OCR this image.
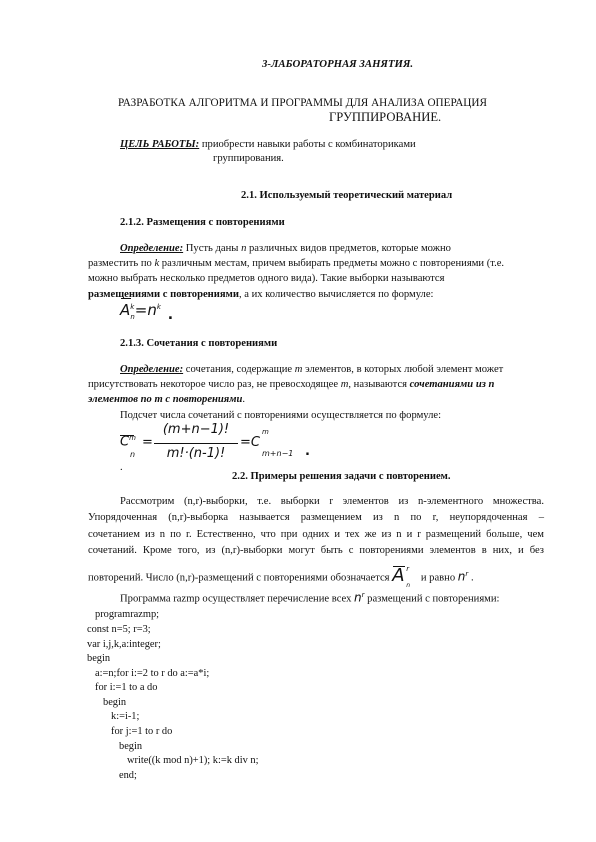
3-ЛАБОРАТОРНАЯ ЗАНЯТИЯ.
РАЗРАБОТКА АЛГОРИТМА И ПРОГРАММЫ ДЛЯ АНАЛИЗА ОПЕРАЦИЯ
ГРУППИРОВАНИЕ.
ЦЕЛЬ РАБОТЫ: приобрести навыки работы с комбинаториками
группирования.
2.1. Используемый теоретический материал
2.1.2. Размещения с повторениями
Определение: Пусть даны n различных видов предметов, которые можно
разместить по k различным местам, причем выбирать предметы можно с повторениями (т.е.
можно выбрать несколько предметов одного вида). Такие выборки называются
размещениями с повторениями, а их количество вычисляется по формуле:
$A^k_n=n^k$ .
2.1.3. Сочетания с повторениями
Определение: сочетания, содержащие m элементов, в которых любой элемент может
присутствовать некоторое число раз, не превосходящее m, называются сочетаниями из n
элементов по т с повторениями.
Подсчет числа сочетаний с повторениями осуществляется по формуле:
$C^m$
n
=
(m+n−1)!
m!·(n-1)!
=C
m
m+n−1 .
.
2.2. Примеры решения задачи с повторением.
Рассмотрим (n,r)-выборки, т.е. выборки r элементов из n-элементного множества.
Упорядоченная (n,r)-выборка называется размещением из n по r, неупорядоченная –
сочетанием из n по r. Естественно, что при одних и тех же из n и r размещений больше, чем
сочетаний. Кроме того, из (n,r)-выборки могут быть с повторениями элементов в них, и без
повторений. Число (n,r)-размещений с повторениями обозначается
A r
n
и равно $n^r$ .
Программа razmp осуществляет перечисление всех $n^r$ размещений с повторениями:
programrazmp;
const n=5; r=3;
var i,j,k,a:integer;
begin
a:=n;for i:=2 to r do a:=a*i;
for i:=1 to a do
begin
k:=i-1;
for j:=1 to r do
begin
write((k mod n)+1); k:=k div n;
end;
